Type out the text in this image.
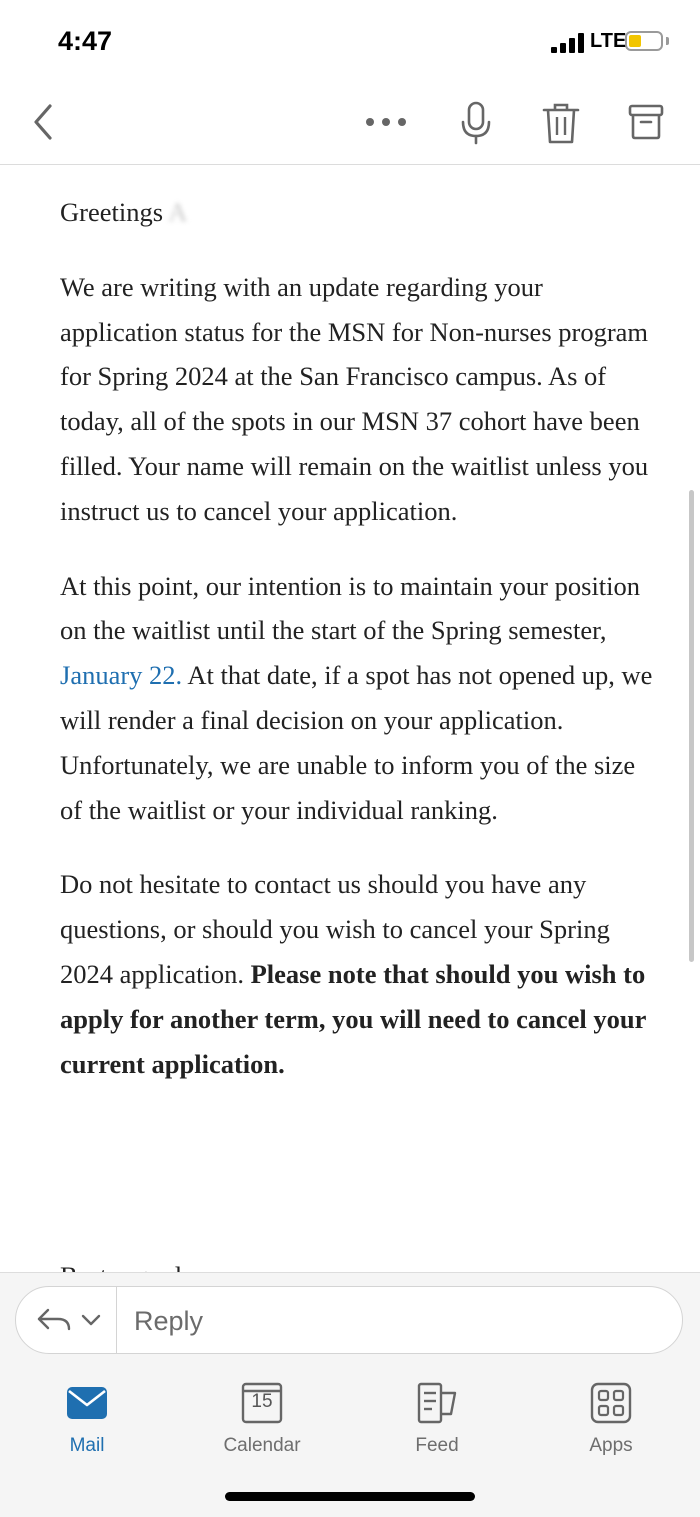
4:47	LTE

Greetings A

We are writing with an update regarding your application status for the MSN for Non-nurses program for Spring 2024 at the San Francisco campus. As of today, all of the spots in our MSN 37 cohort have been filled. Your name will remain on the waitlist unless you instruct us to cancel your application.

At this point, our intention is to maintain your position on the waitlist until the start of the Spring semester, January 22. At that date, if a spot has not opened up, we will render a final decision on your application. Unfortunately, we are unable to inform you of the size of the waitlist or your individual ranking.

Do not hesitate to contact us should you have any questions, or should you wish to cancel your Spring 2024 application. Please note that should you wish to apply for another term, you will need to cancel your current application.

Reply
Mail
15
Calendar	Feed	Apps
